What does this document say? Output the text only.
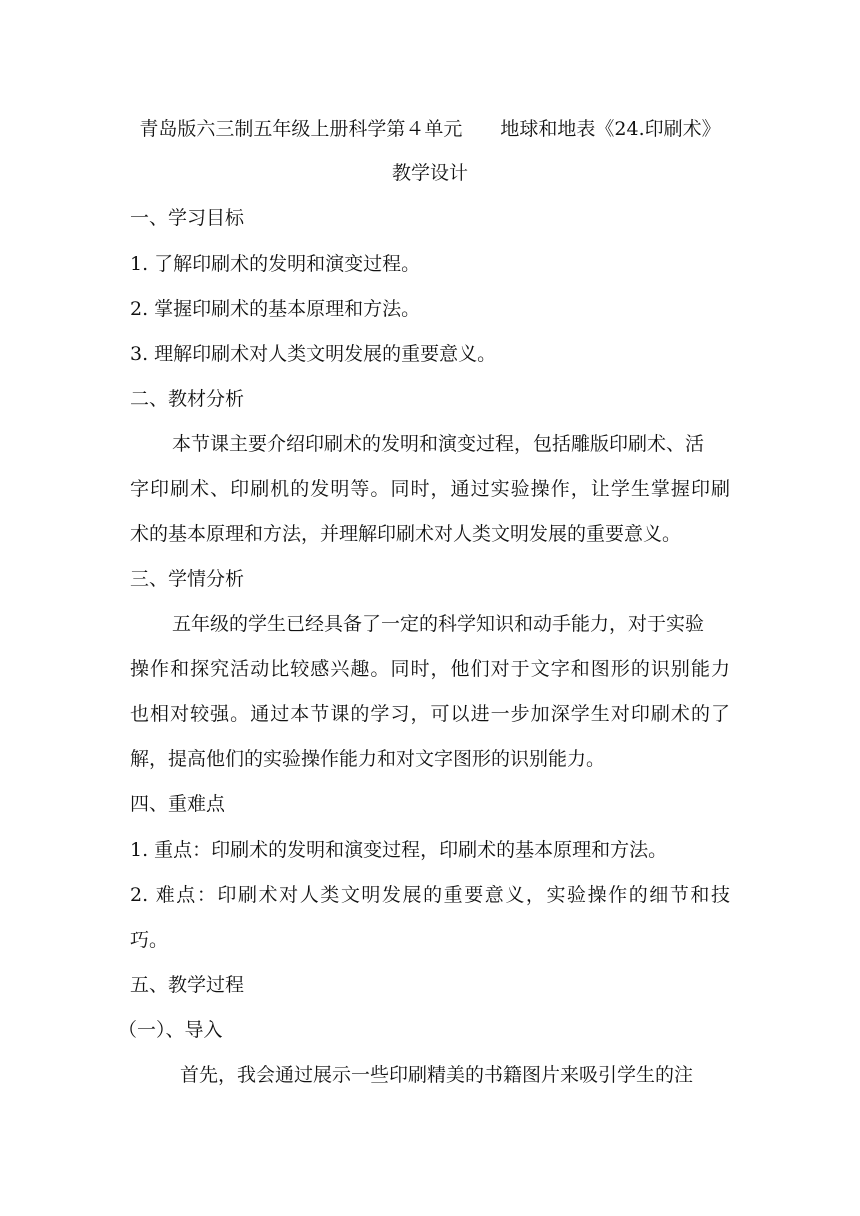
青岛版六三制五年级上册科学第４单元　　地球和地表《24.印刷术》

教学设计

一、学习目标

1. 了解印刷术的发明和演变过程。

2. 掌握印刷术的基本原理和方法。

3. 理解印刷术对人类文明发展的重要意义。

二、教材分析

本节课主要介绍印刷术的发明和演变过程，包括雕版印刷术、活

字印刷术、印刷机的发明等。同时，通过实验操作，让学生掌握印刷

术的基本原理和方法，并理解印刷术对人类文明发展的重要意义。

三、学情分析

五年级的学生已经具备了一定的科学知识和动手能力，对于实验

操作和探究活动比较感兴趣。同时，他们对于文字和图形的识别能力

也相对较强。通过本节课的学习，可以进一步加深学生对印刷术的了

解，提高他们的实验操作能力和对文字图形的识别能力。

四、重难点

1. 重点：印刷术的发明和演变过程，印刷术的基本原理和方法。

2. 难点：印刷术对人类文明发展的重要意义，实验操作的细节和技

巧。

五、教学过程

（一）、导入

首先，我会通过展示一些印刷精美的书籍图片来吸引学生的注
